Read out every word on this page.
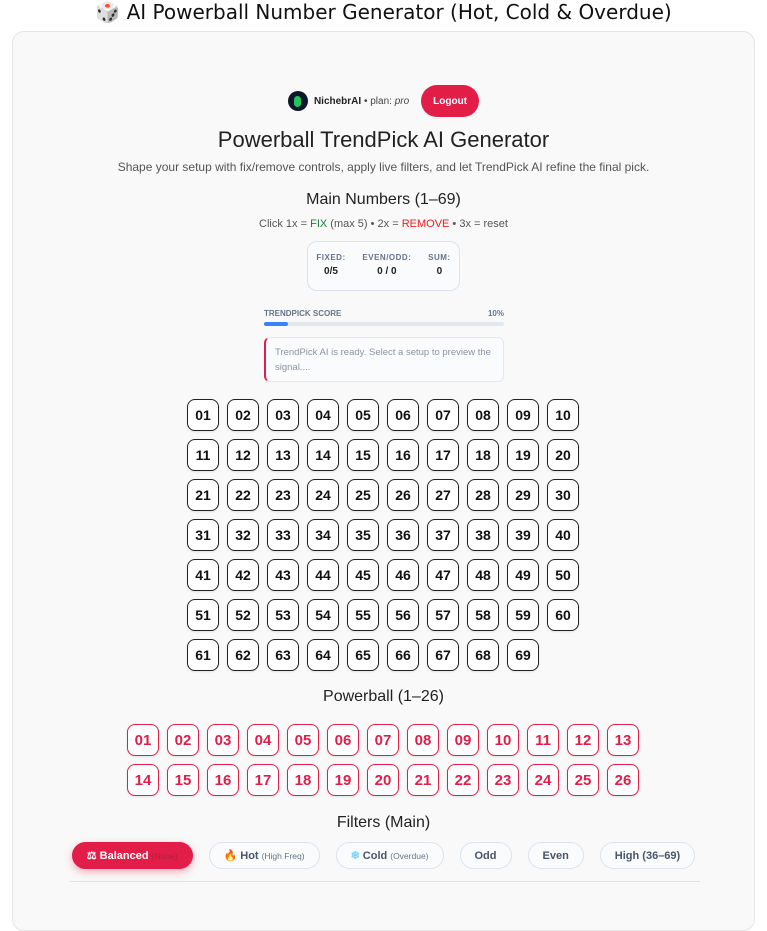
🎲 AI Powerball Number Generator (Hot, Cold & Overdue)
NichebrAI • plan: pro	Logout
Powerball TrendPick AI Generator
Shape your setup with fix/remove controls, apply live filters, and let TrendPick AI refine the final pick.
Main Numbers (1–69)
Click 1x = FIX (max 5) • 2x = REMOVE • 3x = reset
FIXED:
0/5
EVEN/ODD:
0 / 0
SUM:
0
TRENDPICK SCORE	10%
TrendPick AI is ready. Select a setup to preview the signal....
01	02	03	04	05	06	07	08	09	10
11	12	13	14	15	16	17	18	19	20
21	22	23	24	25	26	27	28	29	30
31	32	33	34	35	36	37	38	39	40
41	42	43	44	45	46	47	48	49	50
51	52	53	54	55	56	57	58	59	60
61	62	63	64	65	66	67	68	69
Powerball (1–26)
01	02	03	04	05	06	07	08	09	10	11	12	13
14	15	16	17	18	19	20	21	22	23	24	25	26
Filters (Main)
⚖ Balanced (None)	🔥 Hot (High Freq)	❄ Cold (Overdue)	Odd	Even	High (36–69)
